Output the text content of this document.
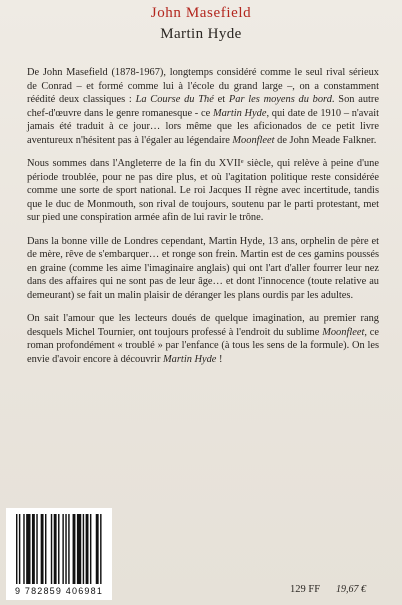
John Masefield
Martin Hyde

De John Masefield (1878-1967), longtemps considéré comme le seul rival sérieux de Conrad – et formé comme lui à l'école du grand large –, on a constamment réédité deux classiques : La Course du Thé et Par les moyens du bord. Son autre chef-d'œuvre dans le genre romanesque - ce Martin Hyde, qui date de 1910 – n'avait jamais été traduit à ce jour… lors même que les aficionados de ce petit livre aventureux n'hésitent pas à l'égaler au légendaire Moonfleet de John Meade Falkner.

Nous sommes dans l'Angleterre de la fin du XVIIe siècle, qui relève à peine d'une période troublée, pour ne pas dire plus, et où l'agitation politique reste considérée comme une sorte de sport national. Le roi Jacques II règne avec incertitude, tandis que le duc de Monmouth, son rival de toujours, soutenu par le parti protestant, met sur pied une conspiration armée afin de lui ravir le trône.

Dans la bonne ville de Londres cependant, Martin Hyde, 13 ans, orphelin de père et de mère, rêve de s'embarquer… et ronge son frein. Martin est de ces gamins poussés en graine (comme les aime l'imaginaire anglais) qui ont l'art d'aller fourrer leur nez dans des affaires qui ne sont pas de leur âge… et dont l'innocence (toute relative au demeurant) se fait un malin plaisir de déranger les plans ourdis par les adultes.

On sait l'amour que les lecteurs doués de quelque imagination, au premier rang desquels Michel Tournier, ont toujours professé à l'endroit du sublime Moonfleet, ce roman profondément « troublé » par l'enfance (à tous les sens de la formule). On les envie d'avoir encore à découvrir Martin Hyde !

9 782859 406981	129 FF 19,67 €
